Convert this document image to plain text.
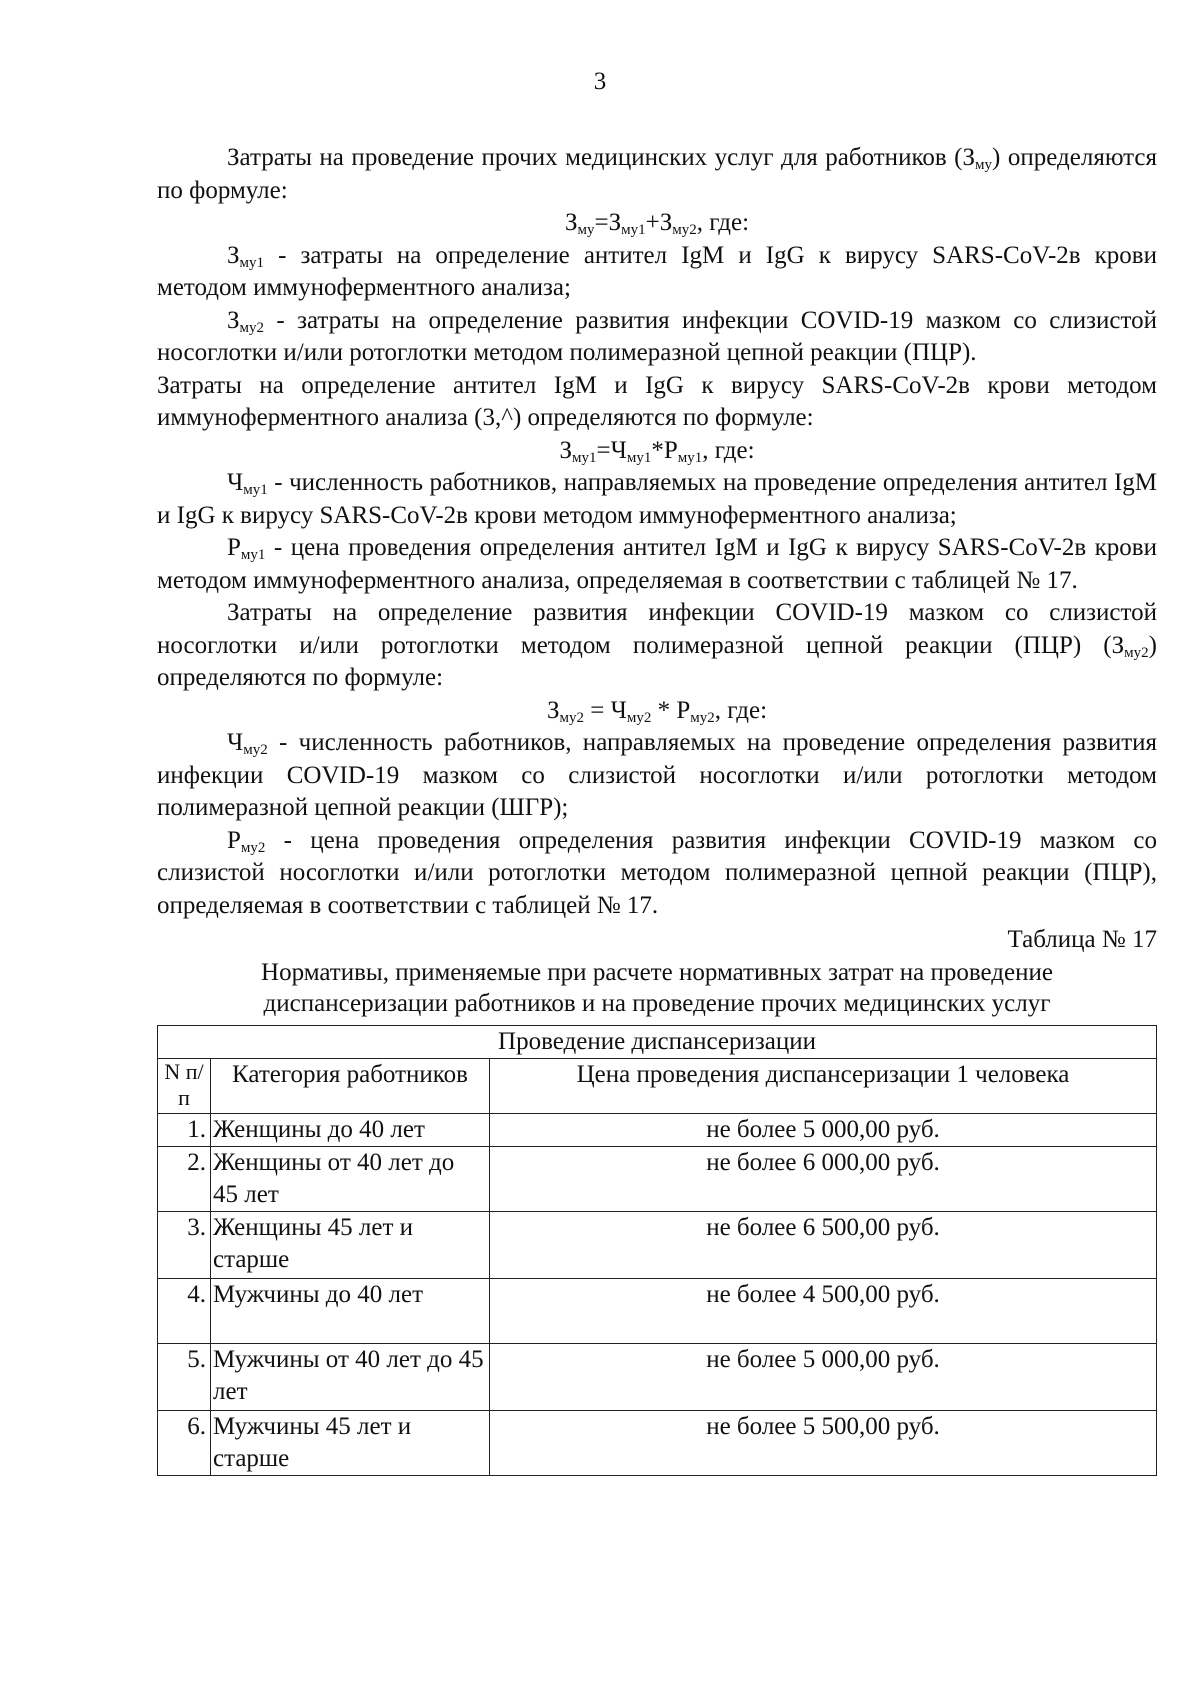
3

Затраты на проведение прочих медицинских услуг для работников $(З_{му})$ определяются по формуле:

$З_{му}=З_{му1}+З_{му2}$, где:

$З_{му1}$ - затраты на определение антител IgM и IgG к вирусу SARS-CoV-2в крови методом иммуноферментного анализа;

$З_{му2}$ - затраты на определение развития инфекции COVID-19 мазком со слизистой носоглотки и/или ротоглотки методом полимеразной цепной реакции (ПЦР).

Затраты на определение антител IgM и IgG к вирусу SARS-CoV-2в крови методом иммуноферментного анализа (3,^) определяются по формуле:

$З_{му1}=Ч_{му1}*Р_{му1}$, где:

$Ч_{му1}$ - численность работников, направляемых на проведение определения антител IgM и IgG к вирусу SARS-CoV-2в крови методом иммуноферментного анализа;

$Р_{му1}$ - цена проведения определения антител IgM и IgG к вирусу SARS-CoV-2в крови методом иммуноферментного анализа, определяемая в соответствии с таблицей № 17.

Затраты на определение развития инфекции COVID-19 мазком со слизистой носоглотки и/или ротоглотки методом полимеразной цепной реакции (ПЦР) $(З_{му2})$ определяются по формуле:

$З_{му2} = Ч_{му2} * Р_{му2}$, где:

$Ч_{му2}$ - численность работников, направляемых на проведение определения развития инфекции COVID-19 мазком со слизистой носоглотки и/или ротоглотки методом полимеразной цепной реакции (ШГР);

$Р_{му2}$ - цена проведения определения развития инфекции COVID-19 мазком со слизистой носоглотки и/или ротоглотки методом полимеразной цепной реакции (ПЦР), определяемая в соответствии с таблицей № 17.

Таблица № 17

Нормативы, применяемые при расчете нормативных затрат на проведение
диспансеризации работников и на проведение прочих медицинских услуг
Проведение диспансеризации		
N п/п	Категория работников	Цена проведения диспансеризации 1 человека
1.	Женщины до 40 лет	не более 5 000,00 руб.
2.	Женщины от 40 лет до 45 лет	не более 6 000,00 руб.
3.	Женщины 45 лет и старше	не более 6 500,00 руб.
4.	Мужчины до 40 лет	не более 4 500,00 руб.
5.	Мужчины от 40 лет до 45 лет	не более 5 000,00 руб.
6.	Мужчины 45 лет и старше	не более 5 500,00 руб.
